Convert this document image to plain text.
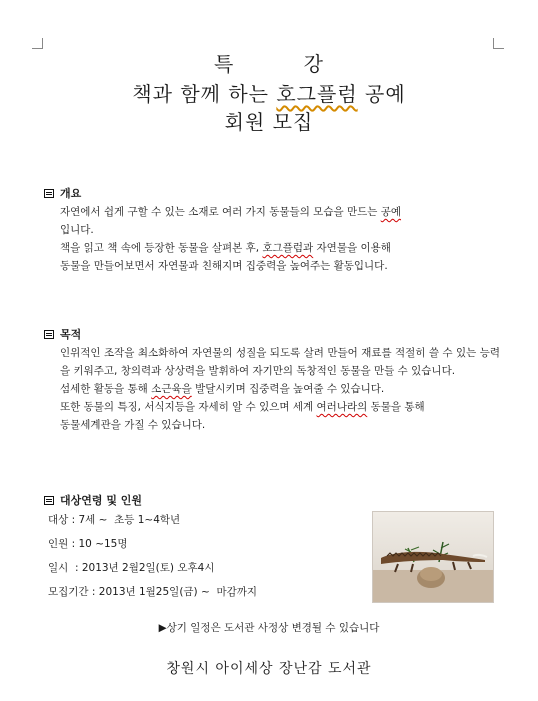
특	강
책과 함께 하는 호그플럼 공예
회원 모집
개요

자연에서 쉽게 구할 수 있는 소재로 여러 가지 동물들의 모습을 만드는 공예

입니다.

책을 읽고 책 속에 등장한 동물을 살펴본 후, 호그플럼과 자연물을 이용해

동물을 만들어보면서 자연물과 친해지며 집중력을 높여주는 활동입니다.

목적

인위적인 조작을 최소화하여 자연물의 성질을 되도록 살려 만들어 재료를 적절히 쓸 수 있는 능력을 키워주고, 창의력과 상상력을 발휘하여 자기만의 독창적인 동물을 만들 수 있습니다.

섬세한 활동을 통해 소근육을 발달시키며 집중력을 높여줄 수 있습니다.

또한 동물의 특징, 서식지등을 자세히 알 수 있으며 세계 여러나라의 동물을 통해

동물세계관을 가질 수 있습니다.

대상연령 및 인원
대상 : 7세 ~  초등 1~4학년
인원 : 10 ~15명
일시  : 2013년 2월2일(토) 오후4시
모집기간 : 2013년 1월25일(금) ~  마감까지
▶상기 일정은 도서관 사정상 변경될 수 있습니다
창원시 아이세상 장난감 도서관
